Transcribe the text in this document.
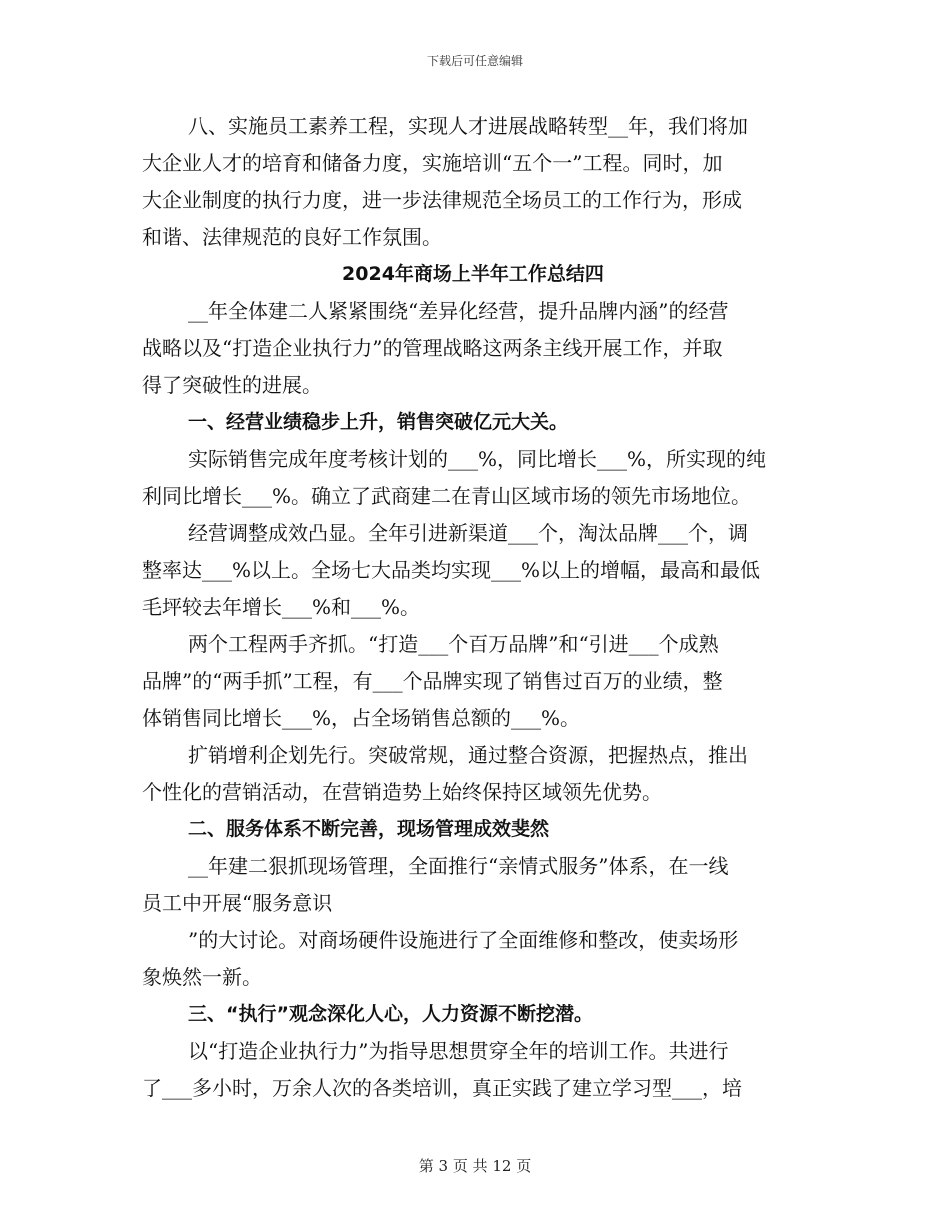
下载后可任意编辑
八、实施员工素养工程，实现人才进展战略转型__年，我们将加
大企业人才的培育和储备力度，实施培训“五个一”工程。同时，加
大企业制度的执行力度，进一步法律规范全场员工的工作行为，形成
和谐、法律规范的良好工作氛围。
2024年商场上半年工作总结四
__年全体建二人紧紧围绕“差异化经营，提升品牌内涵”的经营
战略以及“打造企业执行力”的管理战略这两条主线开展工作，并取
得了突破性的进展。
一、经营业绩稳步上升，销售突破亿元大关。
实际销售完成年度考核计划的___%，同比增长___%，所实现的纯
利同比增长___%。确立了武商建二在青山区域市场的领先市场地位。
经营调整成效凸显。全年引进新渠道___个，淘汰品牌___个，调
整率达___%以上。全场七大品类均实现___%以上的增幅，最高和最低
毛坪较去年增长___%和___%。
两个工程两手齐抓。“打造___个百万品牌”和“引进___个成熟
品牌”的“两手抓”工程，有___个品牌实现了销售过百万的业绩，整
体销售同比增长___%，占全场销售总额的___%。
扩销增利企划先行。突破常规，通过整合资源，把握热点，推出
个性化的营销活动，在营销造势上始终保持区域领先优势。
二、服务体系不断完善，现场管理成效斐然
__年建二狠抓现场管理，全面推行“亲情式服务”体系，在一线
员工中开展“服务意识
”的大讨论。对商场硬件设施进行了全面维修和整改，使卖场形
象焕然一新。
三、“执行”观念深化人心，人力资源不断挖潜。
以“打造企业执行力”为指导思想贯穿全年的培训工作。共进行
了___多小时，万余人次的各类培训，真正实践了建立学习型___，培
第 3 页 共 12 页
